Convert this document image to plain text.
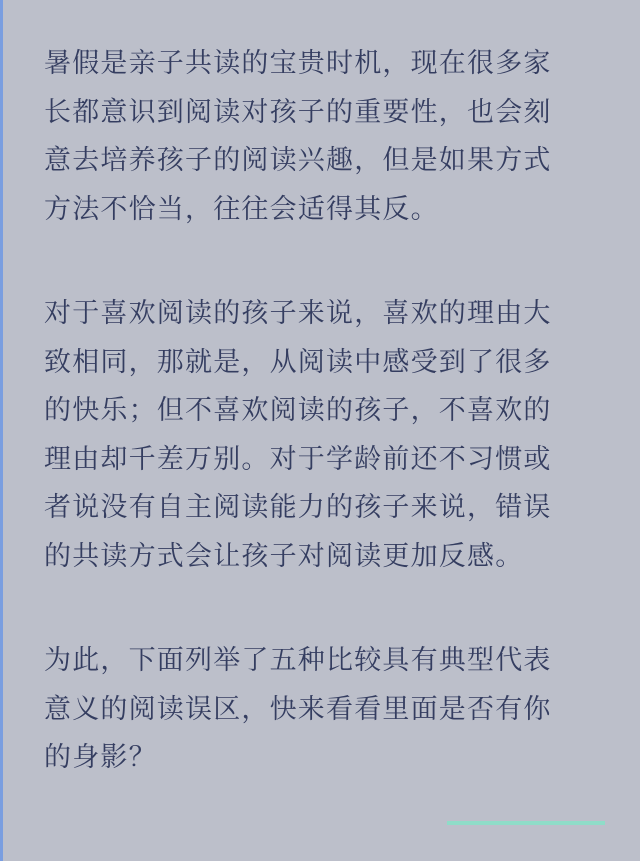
暑假是亲子共读的宝贵时机，现在很多家
长都意识到阅读对孩子的重要性，也会刻
意去培养孩子的阅读兴趣，但是如果方式
方法不恰当，往往会适得其反。

对于喜欢阅读的孩子来说，喜欢的理由大
致相同，那就是，从阅读中感受到了很多
的快乐；但不喜欢阅读的孩子，不喜欢的
理由却千差万别。对于学龄前还不习惯或
者说没有自主阅读能力的孩子来说，错误
的共读方式会让孩子对阅读更加反感。

为此，下面列举了五种比较具有典型代表
意义的阅读误区，快来看看里面是否有你
的身影？
